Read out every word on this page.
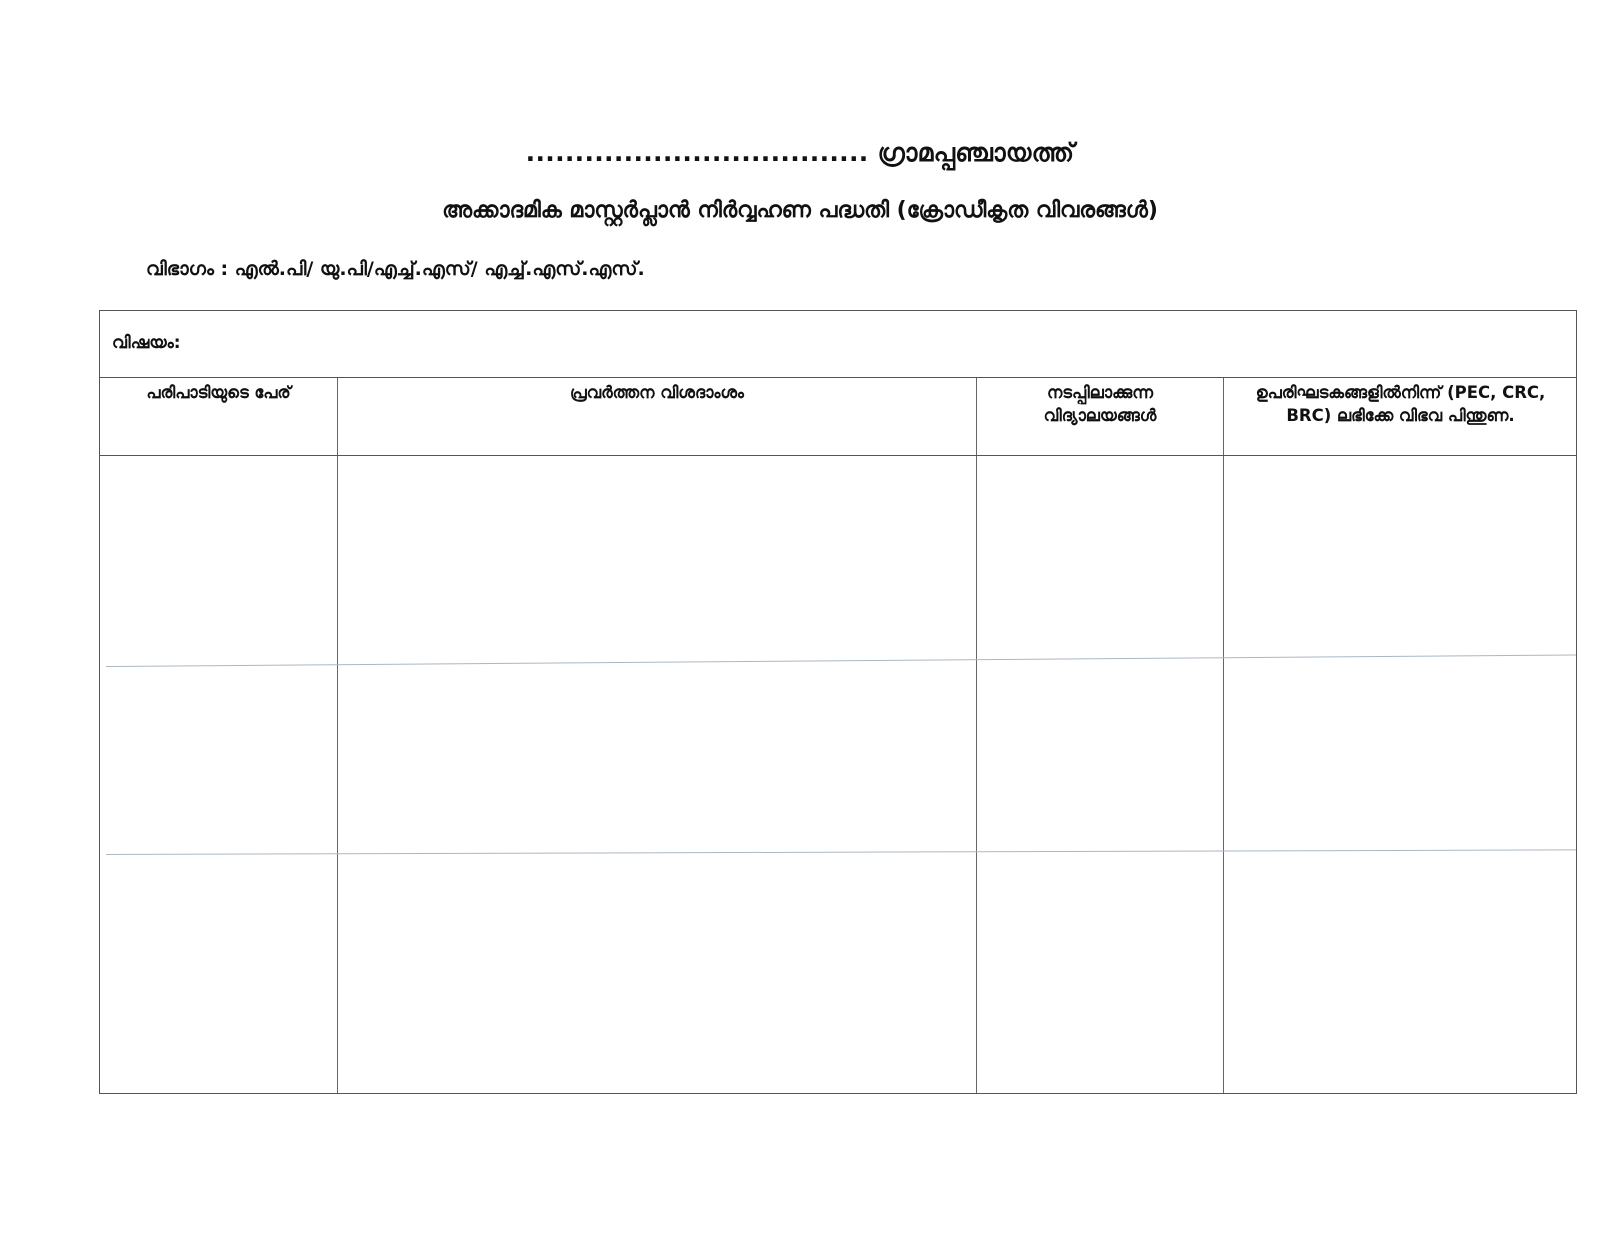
................................... ഗ്രാമപ്പഞ്ചായത്ത്
അക്കാദമിക മാസ്റ്റർപ്ലാൻ നിർവ്വഹണ പദ്ധതി (ക്രോഡീകൃത വിവരങ്ങൾ)
വിഭാഗം : എൽ.പി/ യു.പി/എച്ച്.എസ്/ എച്ച്.എസ്.എസ്.
വിഷയം:
പരിപാടിയുടെ പേര്	പ്രവർത്തന വിശദാംശം	നടപ്പിലാക്കുന്ന വിദ്യാലയങ്ങൾ
ഉപരിഘടകങ്ങളിൽനിന്ന് (PEC, CRC, BRC) ലഭിക്കേ വിഭവ പിന്തുണ.
